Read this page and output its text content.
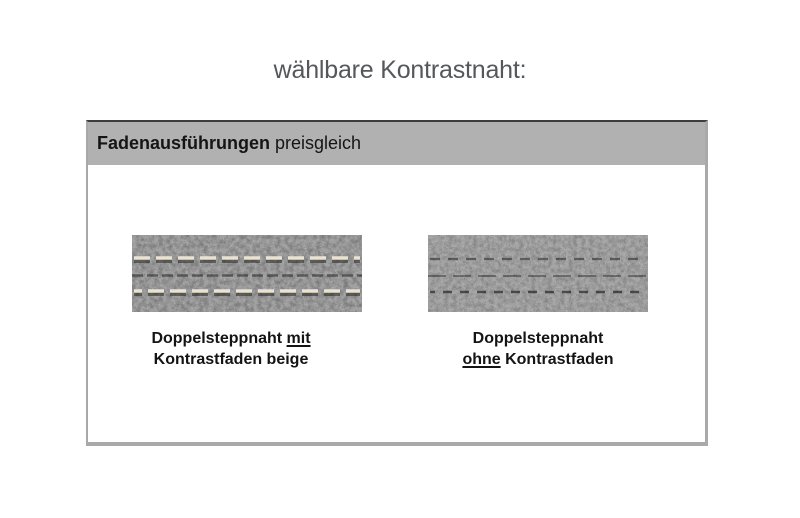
wählbare Kontrastnaht:
Fadenausführungen preisgleich
Doppelsteppnaht mit
Kontrastfaden beige
Doppelsteppnaht
ohne Kontrastfaden
